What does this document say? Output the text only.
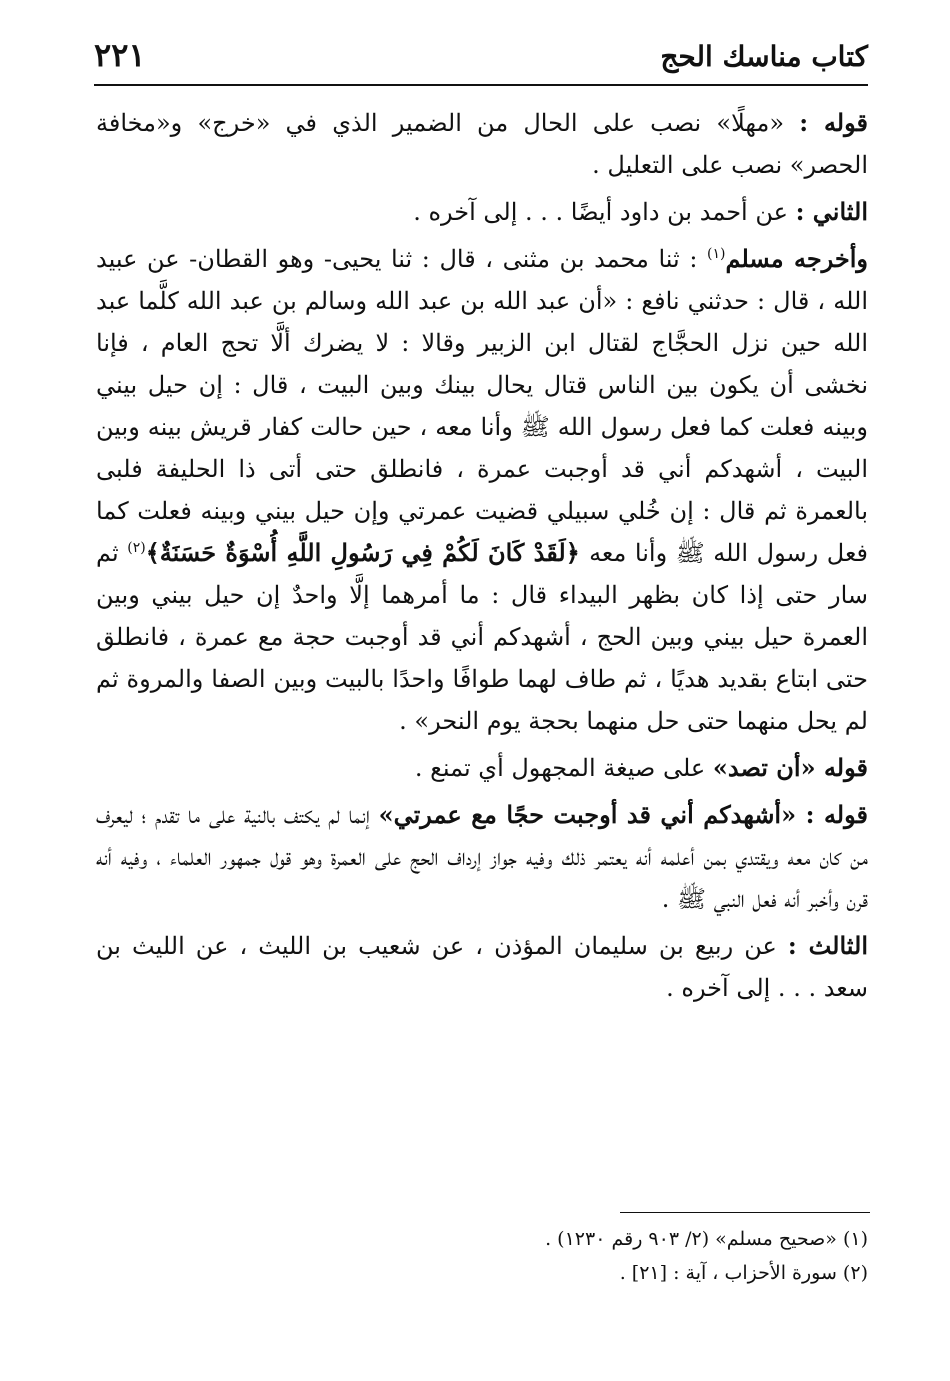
كتاب مناسك الحج
٢٢١

قوله : «مهلًا» نصب على الحال من الضمير الذي في «خرج» و«مخافة الحصر» نصب على التعليل .

الثاني : عن أحمد بن داود أيضًا . . . إلى آخره .

وأخرجه مسلم$^{(١)}$ : ثنا محمد بن مثنى ، قال : ثنا يحيى- وهو القطان- عن عبيد الله ، قال : حدثني نافع : «أن عبد الله بن عبد الله وسالم بن عبد الله كلَّما عبد الله حين نزل الحجَّاج لقتال ابن الزبير وقالا : لا يضرك ألَّا تحج العام ، فإنا نخشى أن يكون بين الناس قتال يحال بينك وبين البيت ، قال : إن حيل بيني وبينه فعلت كما فعل رسول الله ﷺ وأنا معه ، حين حالت كفار قريش بينه وبين البيت ، أشهدكم أني قد أوجبت عمرة ، فانطلق حتى أتى ذا الحليفة فلبى بالعمرة ثم قال : إن خُلي سبيلي قضيت عمرتي وإن حيل بيني وبينه فعلت كما فعل رسول الله ﷺ وأنا معه ﴿لَقَدْ كَانَ لَكُمْ فِي رَسُولِ اللَّهِ أُسْوَةٌ حَسَنَةٌ﴾$^{(٢)}$ ثم سار حتى إذا كان بظهر البيداء قال : ما أمرهما إلَّا واحدٌ إن حيل بيني وبين العمرة حيل بيني وبين الحج ، أشهدكم أني قد أوجبت حجة مع عمرة ، فانطلق حتى ابتاع بقديد هديًا ، ثم طاف لهما طوافًا واحدًا بالبيت وبين الصفا والمروة ثم لم يحل منهما حتى حل منهما بحجة يوم النحر» .

قوله «أن تصد» على صيغة المجهول أي تمنع .

قوله : «أشهدكم أني قد أوجبت حجًا مع عمرتي» إنما لم يكتف بالنية على ما تقدم ؛ ليعرف من كان معه ويقتدي بمن أعلمه أنه يعتمر ذلك وفيه جواز إرداف الحج على العمرة وهو قول جمهور العلماء ، وفيه أنه قرن وأخبر أنه فعل النبي ﷺ .

الثالث : عن ربيع بن سليمان المؤذن ، عن شعيب بن الليث ، عن الليث بن سعد . . . إلى آخره .

(١) «صحيح مسلم» (٢/ ٩٠٣ رقم ١٢٣٠) .

(٢) سورة الأحزاب ، آية : [٢١] .
